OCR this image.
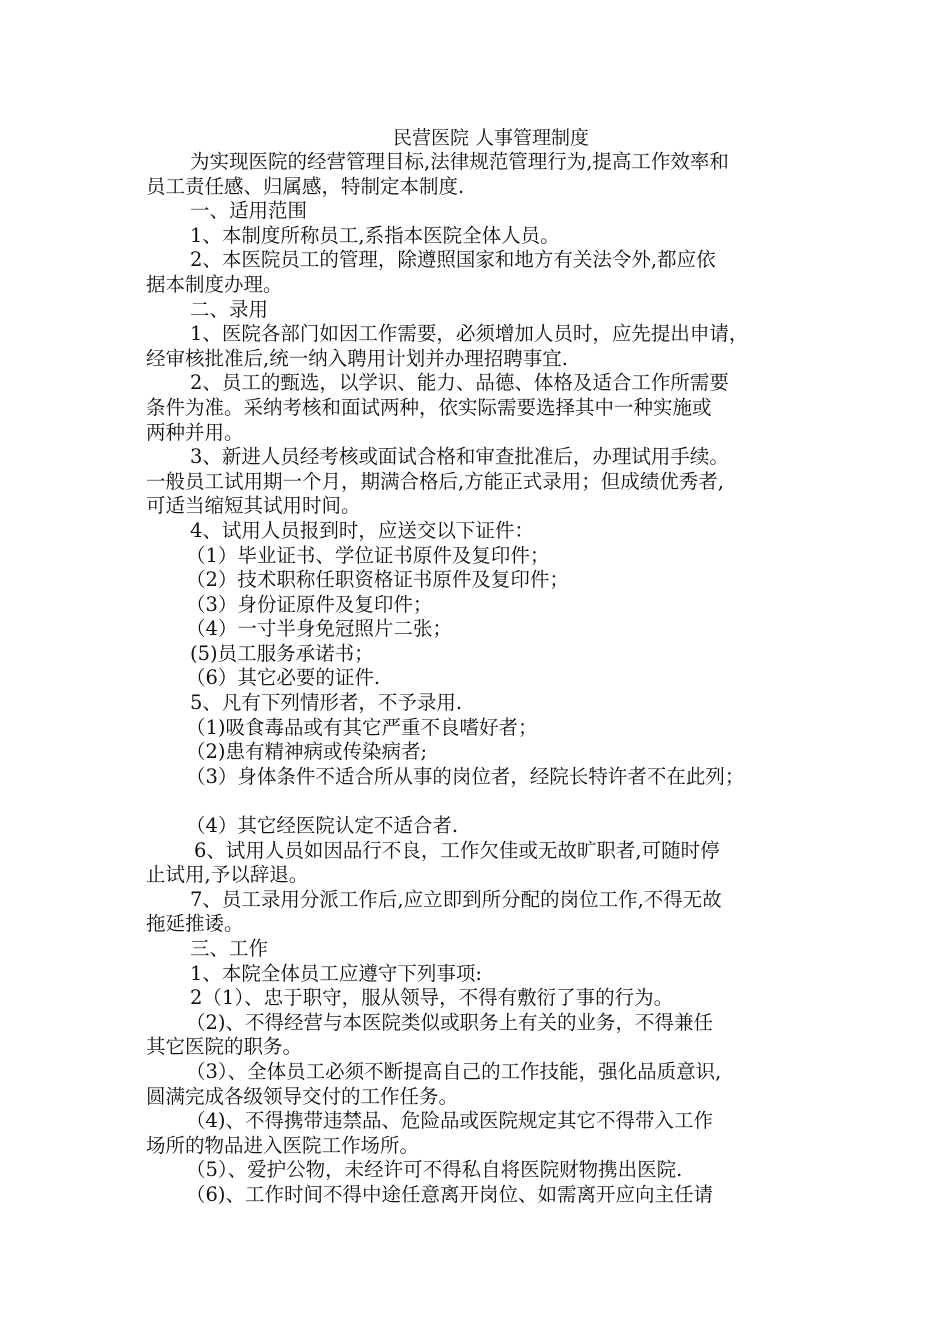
民营医院 人事管理制度

为实现医院的经营管理目标,法律规范管理行为,提高工作效率和

员工责任感、归属感，特制定本制度.

一、适用范围

1、本制度所称员工,系指本医院全体人员。

2、本医院员工的管理，除遵照国家和地方有关法令外,都应依

据本制度办理。

二、录用

1、医院各部门如因工作需要，必须增加人员时，应先提出申请，

经审核批准后,统一纳入聘用计划并办理招聘事宜.

2、员工的甄选，以学识、能力、品德、体格及适合工作所需要

条件为准。采纳考核和面试两种，依实际需要选择其中一种实施或

两种并用。

3、新进人员经考核或面试合格和审查批准后，办理试用手续。

一般员工试用期一个月，期满合格后,方能正式录用；但成绩优秀者,

可适当缩短其试用时间。

4、试用人员报到时，应送交以下证件：

（1）毕业证书、学位证书原件及复印件；

（2）技术职称任职资格证书原件及复印件；

（3）身份证原件及复印件；

（4）一寸半身免冠照片二张；

(5)员工服务承诺书；

（6）其它必要的证件.

5、凡有下列情形者，不予录用.

（1)吸食毒品或有其它严重不良嗜好者；

（2)患有精神病或传染病者;

（3）身体条件不适合所从事的岗位者，经院长特许者不在此列；

（4）其它经医院认定不适合者.

6、试用人员如因品行不良，工作欠佳或无故旷职者,可随时停

止试用,予以辞退。

7、员工录用分派工作后,应立即到所分配的岗位工作,不得无故

拖延推诿。

三、工作

1、本院全体员工应遵守下列事项:

2（1）、忠于职守，服从领导，不得有敷衍了事的行为。

（2)、不得经营与本医院类似或职务上有关的业务，不得兼任

其它医院的职务。

（3）、全体员工必须不断提高自己的工作技能，强化品质意识,

圆满完成各级领导交付的工作任务。

（4)、不得携带违禁品、危险品或医院规定其它不得带入工作

场所的物品进入医院工作场所。

（5）、爱护公物，未经许可不得私自将医院财物携出医院.

（6)、工作时间不得中途任意离开岗位、如需离开应向主任请
